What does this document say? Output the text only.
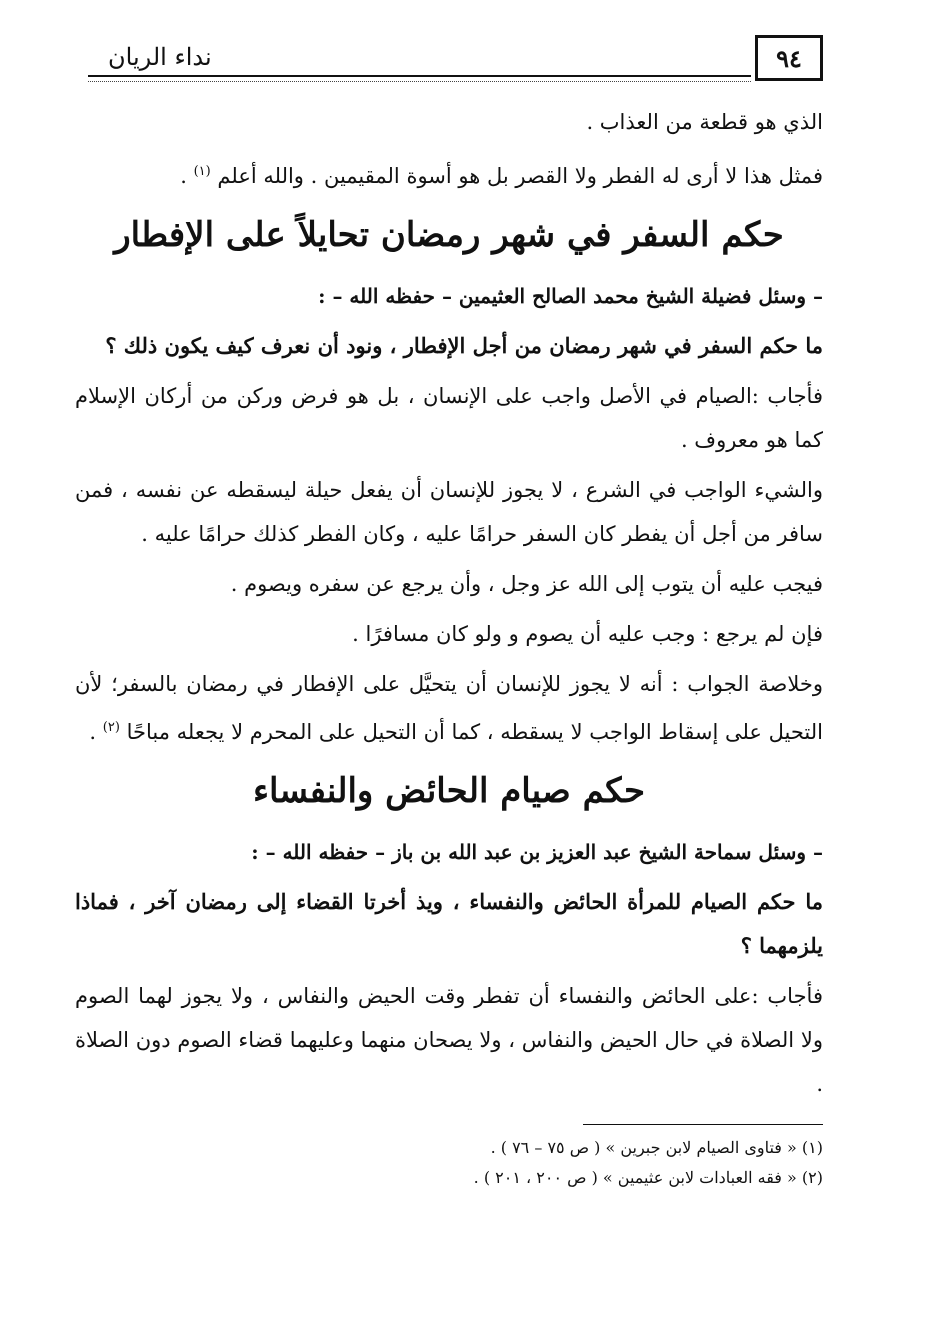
٩٤
نداء الريان

الذي هو قطعة من العذاب .

فمثل هذا لا أرى له الفطر ولا القصر بل هو أسوة المقيمين . والله أعلم $^{(١)}$ .

حكم السفر في شهر رمضان تحايلاً على الإفطار

– وسئل فضيلة الشيخ محمد الصالح العثيمين – حفظه الله – :

ما حكم السفر في شهر رمضان من أجل الإفطار ، ونود أن نعرف كيف يكون ذلك ؟

فأجاب :الصيام في الأصل واجب على الإنسان ، بل هو فرض وركن من أركان الإسلام كما هو معروف .

والشيء الواجب في الشرع ، لا يجوز للإنسان أن يفعل حيلة ليسقطه عن نفسه ، فمن سافر من أجل أن يفطر كان السفر حرامًا عليه ، وكان الفطر كذلك حرامًا عليه .

فيجب عليه أن يتوب إلى الله عز وجل ، وأن يرجع عن سفره ويصوم .

فإن لم يرجع : وجب عليه أن يصوم و ولو كان مسافرًا .

وخلاصة الجواب : أنه لا يجوز للإنسان أن يتحيَّل على الإفطار في رمضان بالسفر؛ لأن التحيل على إسقاط الواجب لا يسقطه ، كما أن التحيل على المحرم لا يجعله مباحًا $^{(٢)}$ .

حكم صيام الحائض والنفساء

– وسئل سماحة الشيخ عبد العزيز بن عبد الله بن باز – حفظه الله – :

ما حكم الصيام للمرأة الحائض والنفساء ، ويذ أخرتا القضاء إلى رمضان آخر ، فماذا يلزمهما ؟

فأجاب :على الحائض والنفساء أن تفطر وقت الحيض والنفاس ، ولا يجوز لهما الصوم ولا الصلاة في حال الحيض والنفاس ، ولا يصحان منهما وعليهما قضاء الصوم دون الصلاة .

(١) « فتاوى الصيام لابن جبرين » ( ص ٧٥ – ٧٦ ) .
(٢) « فقه العبادات لابن عثيمين » ( ص ٢٠٠ ، ٢٠١ ) .
